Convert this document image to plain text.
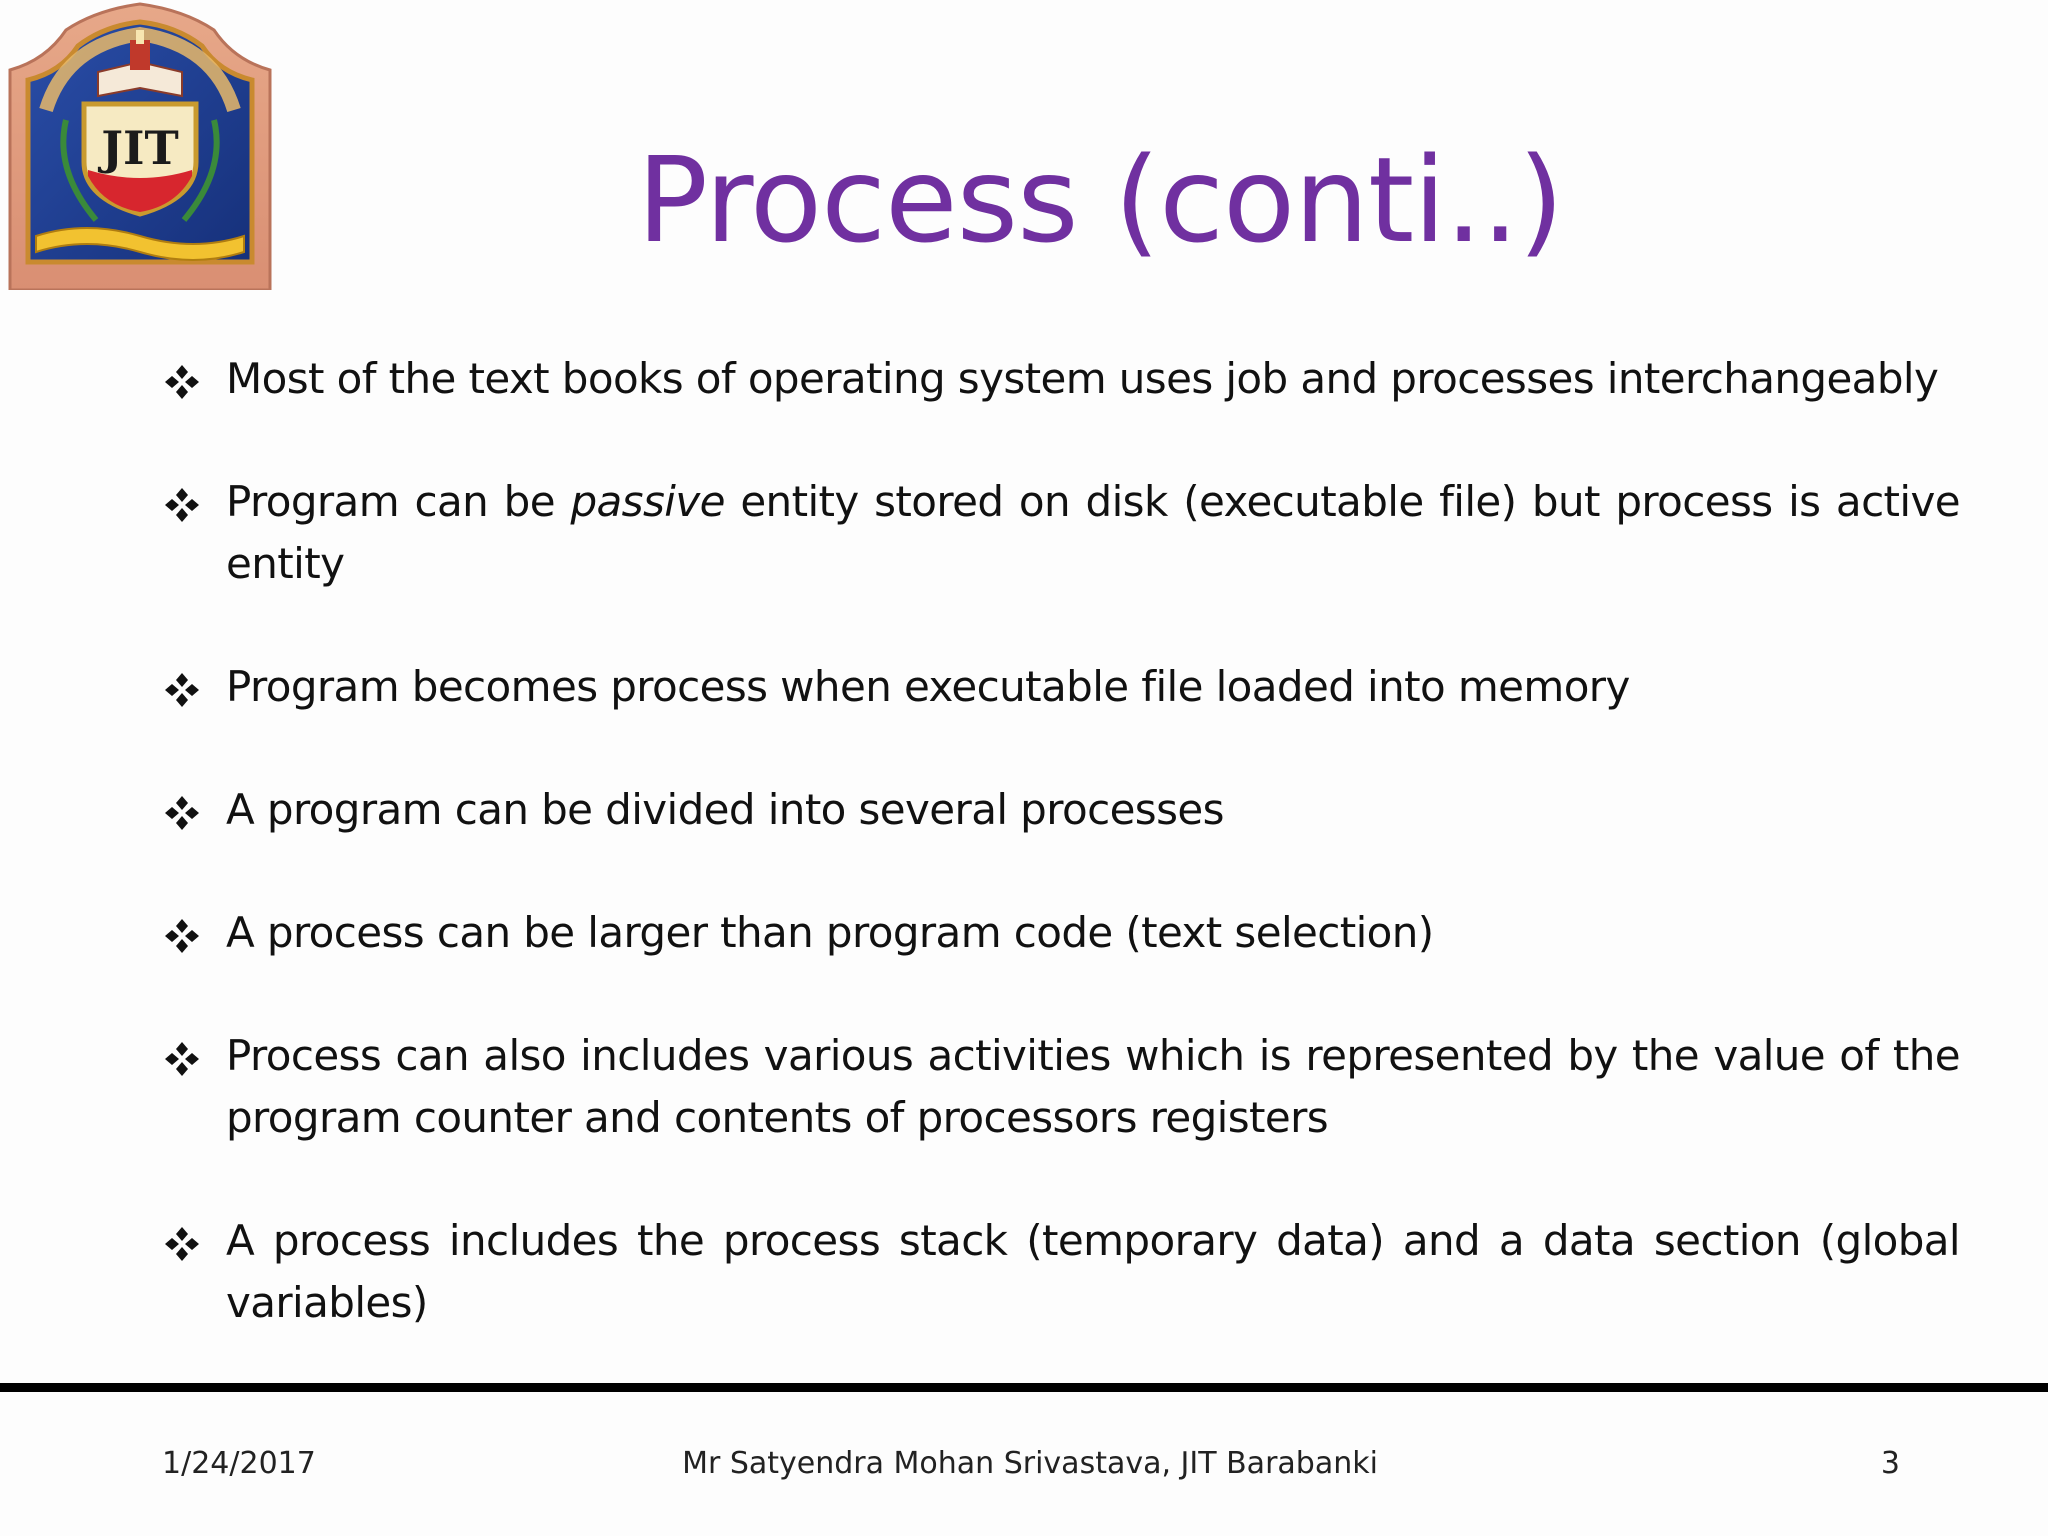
JIT	Process (conti..)
Most of the text books of operating system uses job and processes interchangeably
Program can be passive entity stored on disk (executable file) but process is active entity
Program becomes process when executable file loaded into memory
A program can be divided into several processes
A process can be larger than program code (text selection)
Process can also includes various activities which is represented by the value of the program counter and contents of processors registers
A process includes the process stack (temporary data) and a data section (global variables)
1/24/2017	Mr Satyendra Mohan Srivastava, JIT Barabanki	3
